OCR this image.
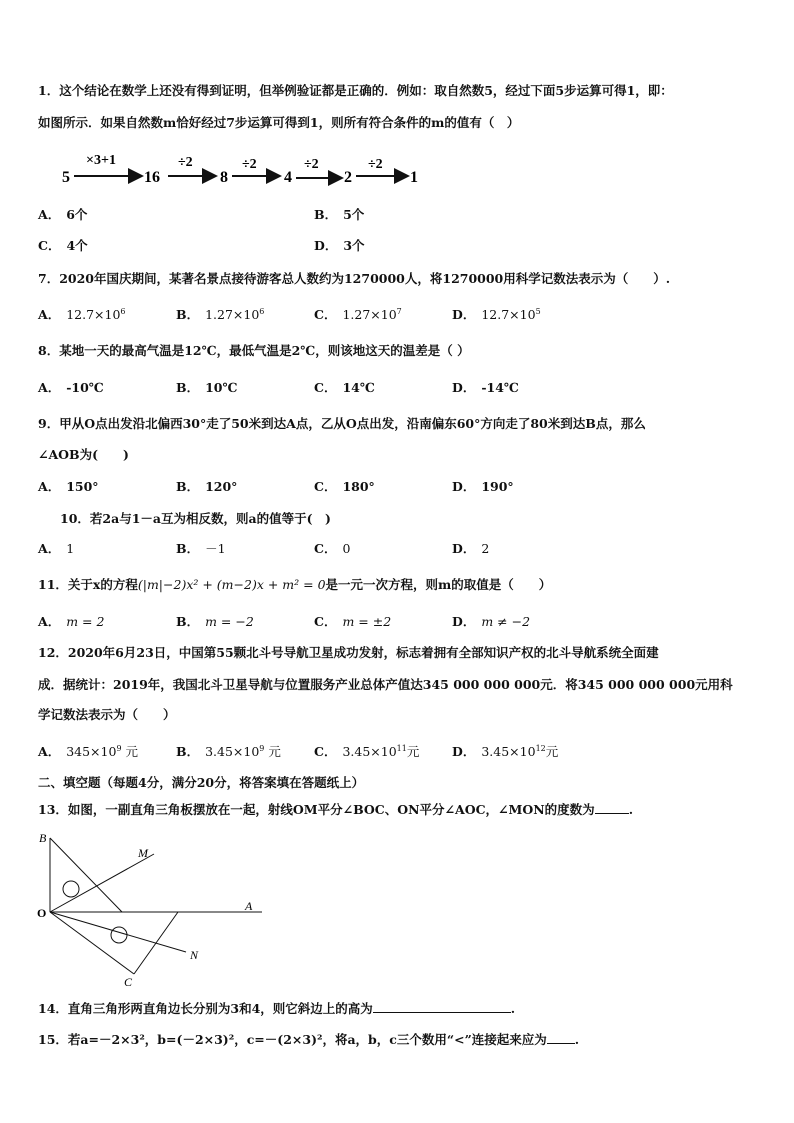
1．这个结论在数学上还没有得到证明，但举例验证都是正确的．例如：取自然数5，经过下面5步运算可得1，即：
如图所示．如果自然数m恰好经过7步运算可得到1，则所有符合条件的m的值有（　）
5	16	8	4	2	1
×3+1	÷2	÷2	÷2	÷2
A． 6个	B． 5个
C． 4个	D． 3个
7．2020年国庆期间，某著名景点接待游客总人数约为1270000人，将1270000用科学记数法表示为（　　）.
A． $12.7\times 10^6$	B． $1.27\times 10^6$	C． $1.27\times 10^7$	D． $12.7\times 10^5$
8．某地一天的最高气温是12℃，最低气温是2℃，则该地这天的温差是（ ）
A． -10℃	B． 10℃	C． 14℃	D． -14℃
9．甲从O点出发沿北偏西30°走了50米到达A点，乙从O点出发，沿南偏东60°方向走了80米到达B点，那么
∠AOB为(　　)
A． 150°	B． 120°	C． 180°	D． 190°
10．若2a与1－a互为相反数，则a的值等于(　)
A． 1	B． －1	C． 0	D． 2
11．关于x的方程(|m|−2)x² + (m−2)x + m² = 0是一元一次方程，则m的取值是（　　）
A． m = 2	B． m = −2	C． m = ±2	D． m ≠ −2
12．2020年6月23日，中国第55颗北斗号导航卫星成功发射，标志着拥有全部知识产权的北斗导航系统全面建
成．据统计：2019年，我国北斗卫星导航与位置服务产业总体产值达345 000 000 000元．将345 000 000 000元用科
学记数法表示为（　　）
A． $345\times 10^9$ 元	B． $3.45\times 10^9$ 元	C． $3.45\times 10^{11}$元	D． $3.45\times 10^{12}$元
二、填空题（每题4分，满分20分，将答案填在答题纸上）
13．如图，一副直角三角板摆放在一起，射线OM平分∠BOC、ON平分∠AOC，∠MON的度数为	.
B
M
O	A
N
C
14．直角三角形两直角边长分别为3和4，则它斜边上的高为	.
15．若a=－2×3²，b=(－2×3)²，c=－(2×3)²，将a，b，c三个数用“<”连接起来应为 .
